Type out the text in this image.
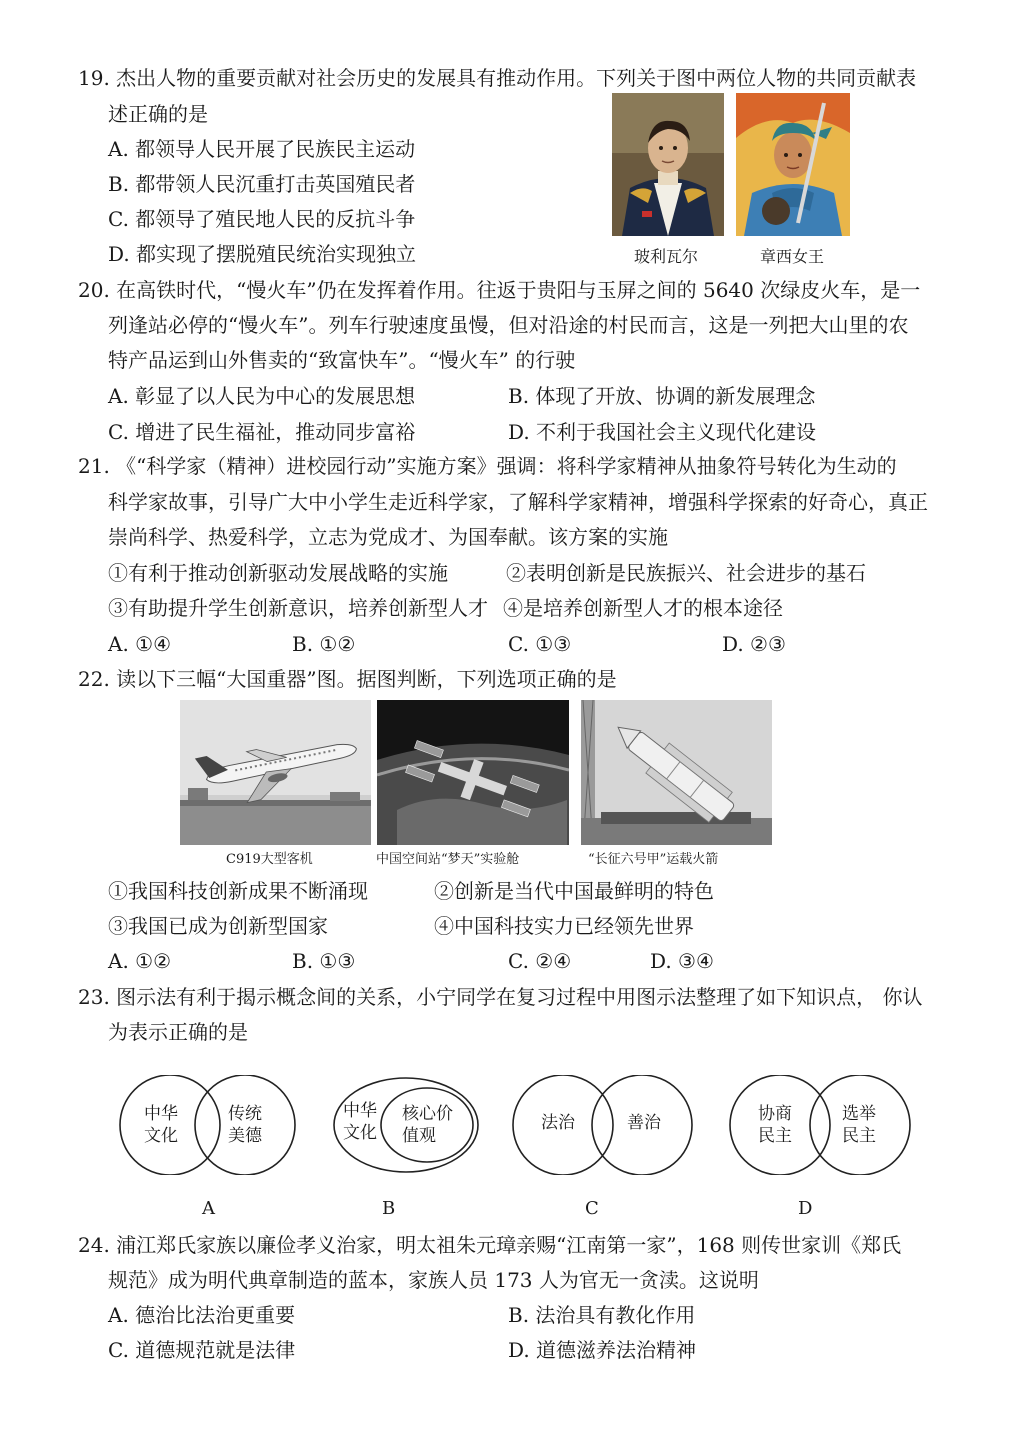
19. 杰出人物的重要贡献对社会历史的发展具有推动作用。下列关于图中两位人物的共同贡献表
述正确的是
A. 都领导人民开展了民族民主运动
B. 都带领人民沉重打击英国殖民者
C. 都领导了殖民地人民的反抗斗争
D. 都实现了摆脱殖民统治实现独立	玻利瓦尔	章西女王
20. 在高铁时代，“慢火车”仍在发挥着作用。往返于贵阳与玉屏之间的 5640 次绿皮火车，是一
列逢站必停的“慢火车”。列车行驶速度虽慢，但对沿途的村民而言，这是一列把大山里的农
特产品运到山外售卖的“致富快车”。“慢火车” 的行驶
A. 彰显了以人民为中心的发展思想	B. 体现了开放、协调的新发展理念
C. 增进了民生福祉，推动同步富裕	D. 不利于我国社会主义现代化建设
21. 《“科学家（精神）进校园行动”实施方案》强调：将科学家精神从抽象符号转化为生动的
科学家故事，引导广大中小学生走近科学家，了解科学家精神，增强科学探索的好奇心，真正
崇尚科学、热爱科学，立志为党成才、为国奉献。该方案的实施
①有利于推动创新驱动发展战略的实施	②表明创新是民族振兴、社会进步的基石
③有助提升学生创新意识，培养创新型人才 ④是培养创新型人才的根本途径
A. ①④	B. ①②	C. ①③	D. ②③
22. 读以下三幅“大国重器”图。据图判断，下列选项正确的是
C919大型客机	中国空间站“梦天”实验舱	“长征六号甲”运载火箭
①我国科技创新成果不断涌现	②创新是当代中国最鲜明的特色
③我国已成为创新型国家	④中国科技实力已经领先世界
A. ①②	B. ①③	C. ②④	D. ③④
23. 图示法有利于揭示概念间的关系，小宁同学在复习过程中用图示法整理了如下知识点， 你认
为表示正确的是
中华
文化
传统
美德
A
中华
文化
核心价
值观
B
法治	善治
C
协商
民主
选举
民主
D
24. 浦江郑氏家族以廉俭孝义治家，明太祖朱元璋亲赐“江南第一家”，168 则传世家训《郑氏
规范》成为明代典章制造的蓝本，家族人员 173 人为官无一贪渎。这说明
A. 德治比法治更重要	B. 法治具有教化作用
C. 道德规范就是法律	D. 道德滋养法治精神
